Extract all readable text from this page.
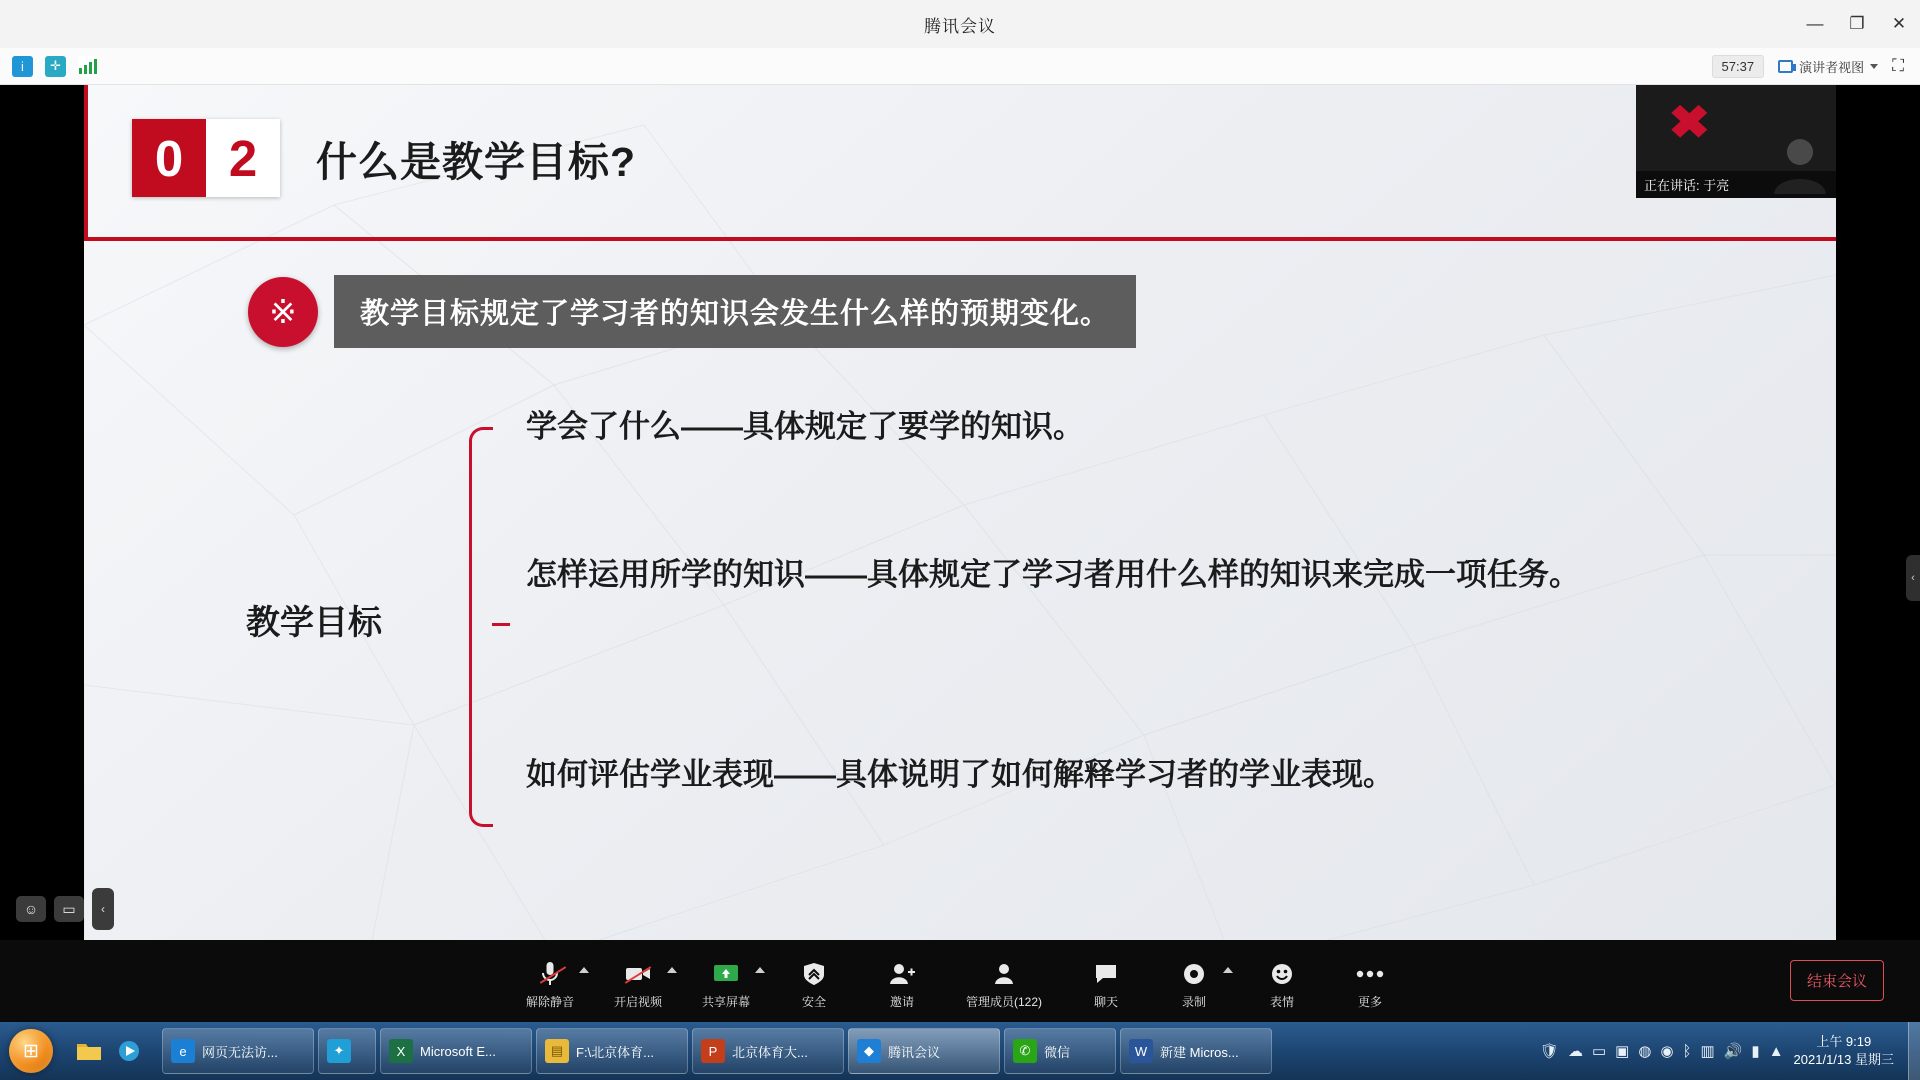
腾讯会议	—	❐	✕
i	✛	57:37	演讲者视图 ⛶
0 2	什么是教学目标?
※	教学目标规定了学习者的知识会发生什么样的预期变化。
教学目标
学会了什么——具体规定了要学的知识。
怎样运用所学的知识——具体规定了学习者用什么样的知识来完成一项任务。
如何评估学业表现——具体说明了如何解释学习者的学业表现。
✖
正在讲话: 于亮
☺	▭	‹
‹
解除静音	开启视频	共享屏幕	安全	邀请	管理成员(122)	聊天	录制	表情	更多
结束会议
⊞	e	网页无法访...	✦	X	Microsoft E...	▤ F:\北京体育...	P	北京体育大...	◆	腾讯会议	✆	微信	W 新建 Micros...	🛡 ☁ ▭ ▣ ◍ ◉ ᛒ ▥ 🔊 ▮ ▲
上午 9:19
2021/1/13 星期三
